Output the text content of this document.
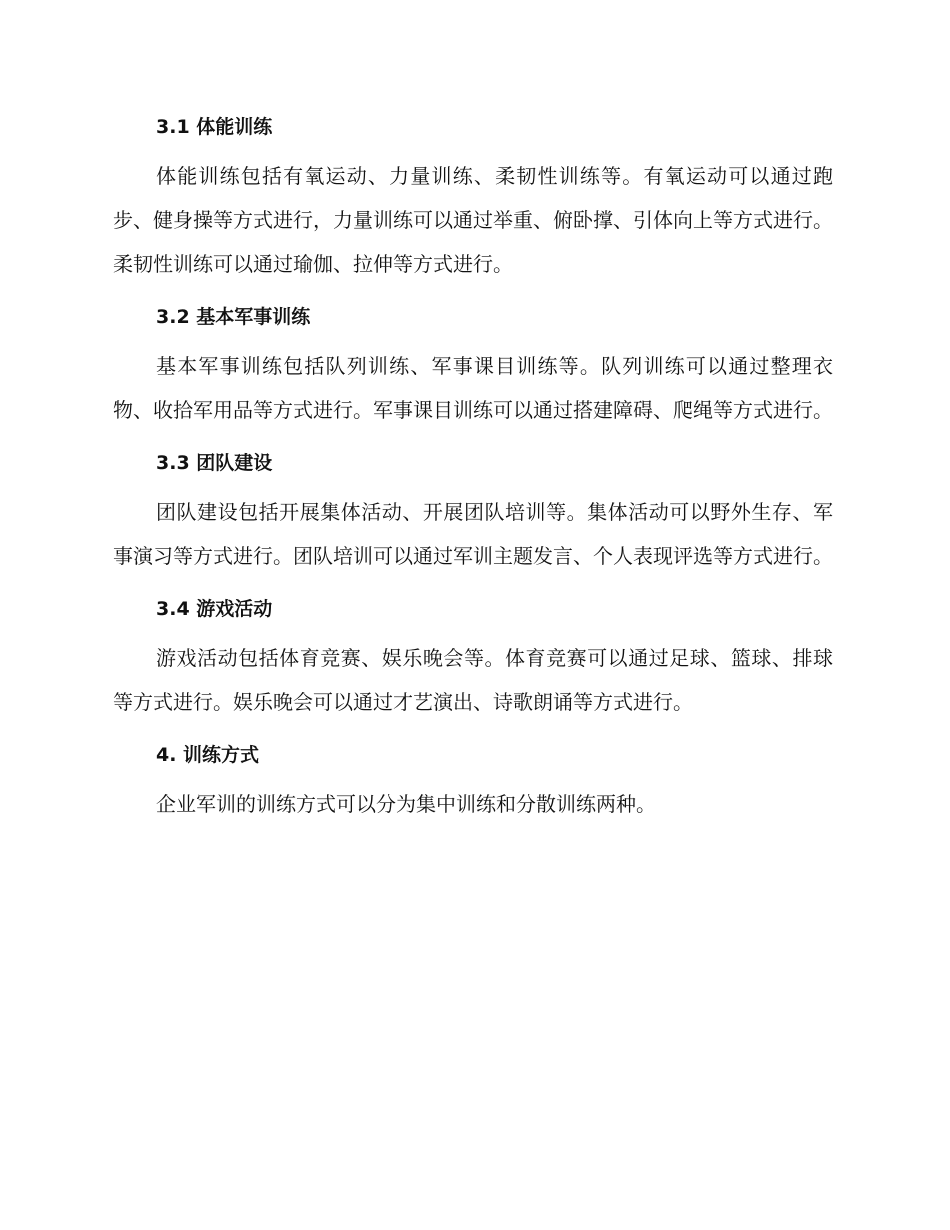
3.1 体能训练

体能训练包括有氧运动、力量训练、柔韧性训练等。有氧运动可以通过跑步、健身操等方式进行，力量训练可以通过举重、俯卧撑、引体向上等方式进行。柔韧性训练可以通过瑜伽、拉伸等方式进行。

3.2 基本军事训练

基本军事训练包括队列训练、军事课目训练等。队列训练可以通过整理衣物、收拾军用品等方式进行。军事课目训练可以通过搭建障碍、爬绳等方式进行。

3.3 团队建设

团队建设包括开展集体活动、开展团队培训等。集体活动可以野外生存、军事演习等方式进行。团队培训可以通过军训主题发言、个人表现评选等方式进行。

3.4 游戏活动

游戏活动包括体育竞赛、娱乐晚会等。体育竞赛可以通过足球、篮球、排球等方式进行。娱乐晚会可以通过才艺演出、诗歌朗诵等方式进行。

4. 训练方式

企业军训的训练方式可以分为集中训练和分散训练两种。
